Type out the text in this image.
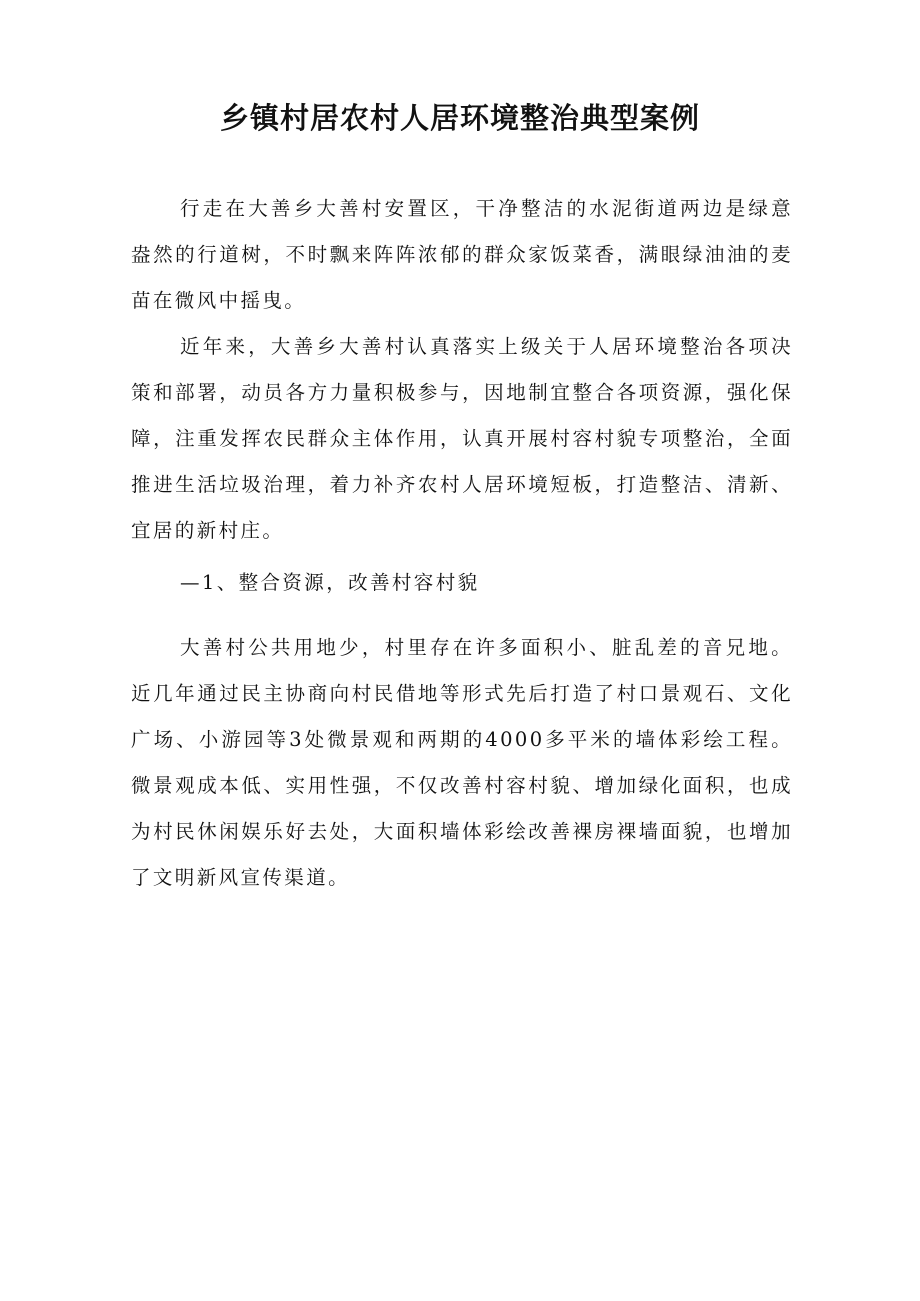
乡镇村居农村人居环境整治典型案例

行走在大善乡大善村安置区，干净整洁的水泥街道两边是绿意盎然的行道树，不时飘来阵阵浓郁的群众家饭菜香，满眼绿油油的麦苗在微风中摇曳。

近年来，大善乡大善村认真落实上级关于人居环境整治各项决策和部署，动员各方力量积极参与，因地制宜整合各项资源，强化保障，注重发挥农民群众主体作用，认真开展村容村貌专项整治，全面推进生活垃圾治理，着力补齐农村人居环境短板，打造整洁、清新、宜居的新村庄。

—1、整合资源，改善村容村貌

大善村公共用地少，村里存在许多面积小、脏乱差的音兄地。近几年通过民主协商向村民借地等形式先后打造了村口景观石、文化广场、小游园等3处微景观和两期的4000多平米的墙体彩绘工程。微景观成本低、实用性强，不仅改善村容村貌、增加绿化面积，也成为村民休闲娱乐好去处，大面积墙体彩绘改善裸房裸墙面貌，也增加了文明新风宣传渠道。
